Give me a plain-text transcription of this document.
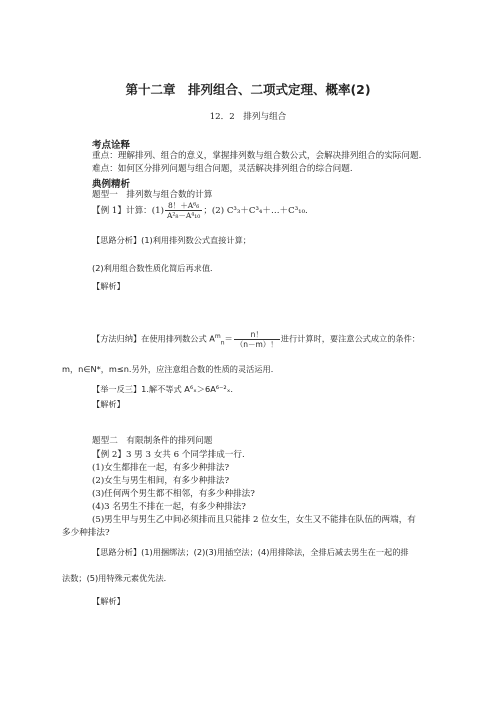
第十二章　排列组合、二项式定理、概率(2)
12．2　排列与组合
考点诠释
重点：理解排列、组合的意义，掌握排列数与组合数公式，会解决排列组合的实际问题.
难点：如何区分排列问题与组合问题，灵活解决排列组合的综合问题.
典例精析
题型一　排列数与组合数的计算
【例 1】计算：$(1) \frac{\text{8！＋A⁶₆}}{\text{A²₈－A⁴₁₀}}$ ；(2) C³₃＋C³₄＋…＋C³₁₀.
【思路分析】(1)利用排列数公式直接计算；
(2)利用组合数性质化简后再求值．
【解析】
【方法归纳】在使用排列数公式 $A^m_n= \frac{n!}{(n-m)!}$ 进行计算时，要注意公式成立的条件：
m，n∈N*，m≤n.另外，应注意组合数的性质的灵活运用．
【举一反三】1.解不等式 A⁶ₓ＞6A⁶⁻²ₓ.
【解析】
题型二　有限制条件的排列问题
【例 2】3 男 3 女共 6 个同学排成一行.
(1)女生都排在一起，有多少种排法?
(2)女生与男生相间，有多少种排法?
(3)任何两个男生都不相邻，有多少种排法?
(4)3 名男生不排在一起，有多少种排法?
(5)男生甲与男生乙中间必须排而且只能排 2 位女生，女生又不能排在队伍的两端，有
多少种排法?
【思路分析】(1)用捆绑法；(2)(3)用插空法；(4)用排除法，全排后减去男生在一起的排
法数；(5)用特殊元素优先法．
【解析】
